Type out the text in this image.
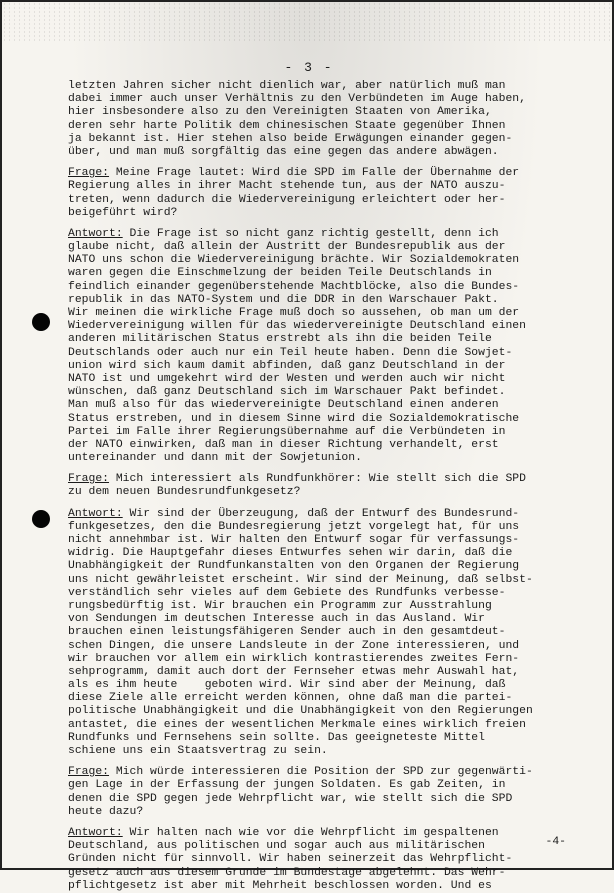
- 3 -
letzten Jahren sicher nicht dienlich war, aber natürlich muß man
dabei immer auch unser Verhältnis zu den Verbündeten im Auge haben,
hier insbesondere also zu den Vereinigten Staaten von Amerika,
deren sehr harte Politik dem chinesischen Staate gegenüber Ihnen
ja bekannt ist. Hier stehen also beide Erwägungen einander gegen-
über, und man muß sorgfältig das eine gegen das andere abwägen.
Frage: Meine Frage lautet: Wird die SPD im Falle der Übernahme der
Regierung alles in ihrer Macht stehende tun, aus der NATO auszu-
treten, wenn dadurch die Wiedervereinigung erleichtert oder her-
beigeführt wird?
Antwort: Die Frage ist so nicht ganz richtig gestellt, denn ich
glaube nicht, daß allein der Austritt der Bundesrepublik aus der
NATO uns schon die Wiedervereinigung brächte. Wir Sozialdemokraten
waren gegen die Einschmelzung der beiden Teile Deutschlands in
feindlich einander gegenüberstehende Machtblöcke, also die Bundes-
republik in das NATO-System und die DDR in den Warschauer Pakt.
Wir meinen die wirkliche Frage muß doch so aussehen, ob man um der
Wiedervereinigung willen für das wiedervereinigte Deutschland einen
anderen militärischen Status erstrebt als ihn die beiden Teile
Deutschlands oder auch nur ein Teil heute haben. Denn die Sowjet-
union wird sich kaum damit abfinden, daß ganz Deutschland in der
NATO ist und umgekehrt wird der Westen und werden auch wir nicht
wünschen, daß ganz Deutschland sich im Warschauer Pakt befindet.
Man muß also für das wiedervereinigte Deutschland einen anderen
Status erstreben, und in diesem Sinne wird die Sozialdemokratische
Partei im Falle ihrer Regierungsübernahme auf die Verbündeten in
der NATO einwirken, daß man in dieser Richtung verhandelt, erst
untereinander und dann mit der Sowjetunion.
Frage: Mich interessiert als Rundfunkhörer: Wie stellt sich die SPD
zu dem neuen Bundesrundfunkgesetz?
Antwort: Wir sind der Überzeugung, daß der Entwurf des Bundesrund-
funkgesetzes, den die Bundesregierung jetzt vorgelegt hat, für uns
nicht annehmbar ist. Wir halten den Entwurf sogar für verfassungs-
widrig. Die Hauptgefahr dieses Entwurfes sehen wir darin, daß die
Unabhängigkeit der Rundfunkanstalten von den Organen der Regierung
uns nicht gewährleistet erscheint. Wir sind der Meinung, daß selbst-
verständlich sehr vieles auf dem Gebiete des Rundfunks verbesse-
rungsbedürftig ist. Wir brauchen ein Programm zur Ausstrahlung
von Sendungen im deutschen Interesse auch in das Ausland. Wir
brauchen einen leistungsfähigeren Sender auch in den gesamtdeut-
schen Dingen, die unsere Landsleute in der Zone interessieren, und
wir brauchen vor allem ein wirklich kontrastierendes zweites Fern-
sehprogramm, damit auch dort der Fernseher etwas mehr Auswahl hat,
als es ihm heute    geboten wird. Wir sind aber der Meinung, daß
diese Ziele alle erreicht werden können, ohne daß man die partei-
politische Unabhängigkeit und die Unabhängigkeit von den Regierungen
antastet, die eines der wesentlichen Merkmale eines wirklich freien
Rundfunks und Fernsehens sein sollte. Das geeigneteste Mittel
schiene uns ein Staatsvertrag zu sein.
Frage: Mich würde interessieren die Position der SPD zur gegenwärti-
gen Lage in der Erfassung der jungen Soldaten. Es gab Zeiten, in
denen die SPD gegen jede Wehrpflicht war, wie stellt sich die SPD
heute dazu?
Antwort: Wir halten nach wie vor die Wehrpflicht im gespaltenen
Deutschland, aus politischen und sogar auch aus militärischen
Gründen nicht für sinnvoll. Wir haben seinerzeit das Wehrpflicht-
gesetz auch aus diesem Grunde im Bundestage abgelehnt. Das Wehr-
pflichtgesetz ist aber mit Mehrheit beschlossen worden. Und es
-4-
